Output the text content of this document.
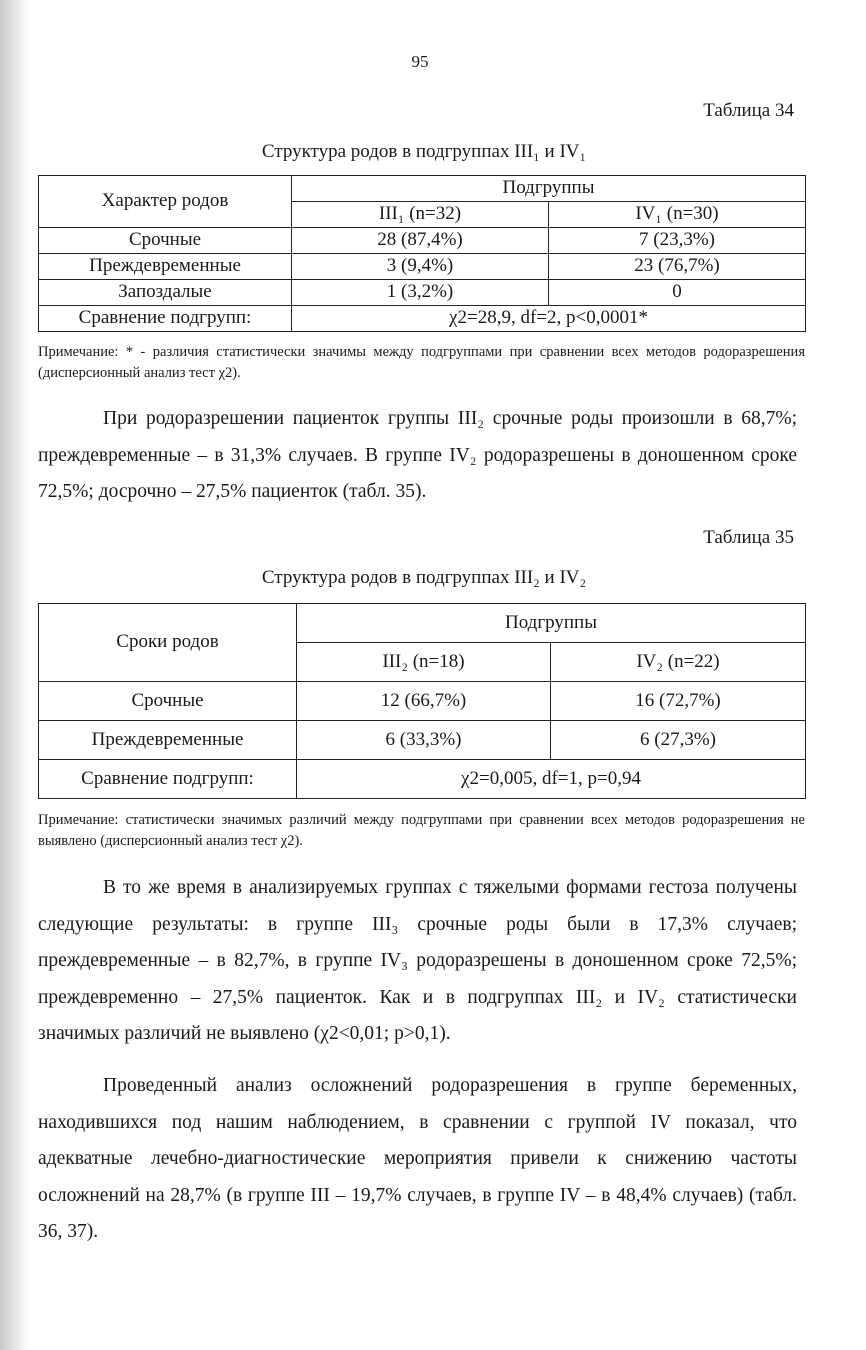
95
Таблица 34
Структура родов в подгруппах III₁ и IV₁
Характер родов	Подгруппы	
	III₁ (n=32)	IV₁ (n=30)
Срочные	28 (87,4%)	7 (23,3%)
Преждевременные	3 (9,4%)	23 (76,7%)
Запоздалые	1 (3,2%)	0
Сравнение подгрупп:	χ2=28,9, df=2, p<0,0001*	
Примечание: * - различия статистически значимы между подгруппами при сравнении всех методов родоразрешения (дисперсионный анализ тест χ2).

При родоразрешении пациенток группы III₂ срочные роды произошли в 68,7%; преждевременные – в 31,3% случаев. В группе IV₂ родоразрешены в доношенном сроке 72,5%; досрочно – 27,5% пациенток (табл. 35).

Таблица 35
Структура родов в подгруппах III₂ и IV₂
Сроки родов	Подгруппы	
	III₂ (n=18)	IV₂ (n=22)
Срочные	12 (66,7%)	16 (72,7%)
Преждевременные	6 (33,3%)	6 (27,3%)
Сравнение подгрупп:	χ2=0,005, df=1, p=0,94	
Примечание: статистически значимых различий между подгруппами при сравнении всех методов родоразрешения не выявлено (дисперсионный анализ тест χ2).

В то же время в анализируемых группах с тяжелыми формами гестоза получены следующие результаты: в группе III₃ срочные роды были в 17,3% случаев; преждевременные – в 82,7%, в группе IV₃ родоразрешены в доношенном сроке 72,5%; преждевременно – 27,5% пациенток. Как и в подгруппах III₂ и IV₂ статистически значимых различий не выявлено (χ2<0,01; p>0,1).

Проведенный анализ осложнений родоразрешения в группе беременных, находившихся под нашим наблюдением, в сравнении с группой IV показал, что адекватные лечебно-диагностические мероприятия привели к снижению частоты осложнений на 28,7% (в группе III – 19,7% случаев, в группе IV – в 48,4% случаев) (табл. 36, 37).
